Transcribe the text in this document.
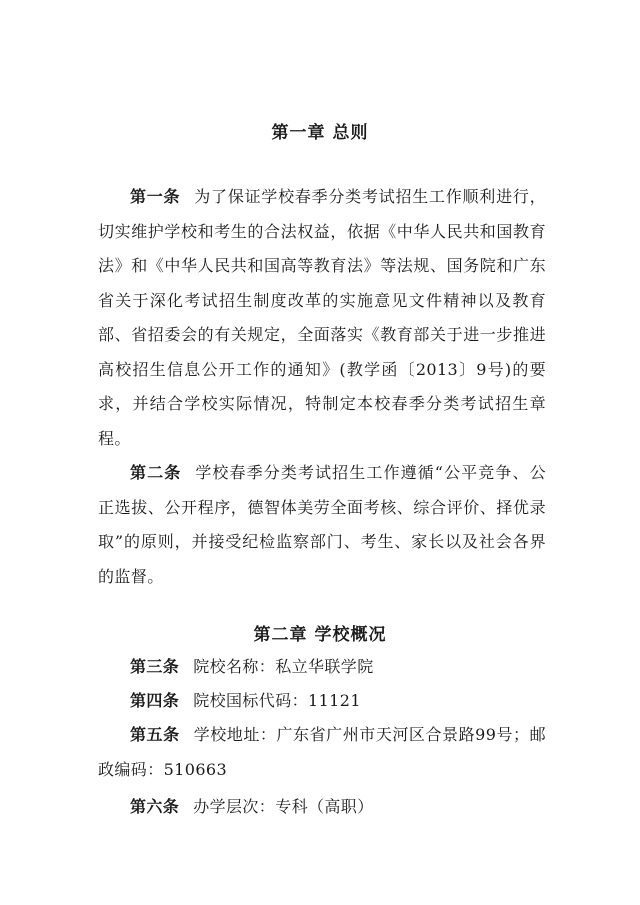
第一章 总则

第一条 为了保证学校春季分类考试招生工作顺利进行，切实维护学校和考生的合法权益，依据《中华人民共和国教育法》和《中华人民共和国高等教育法》等法规、国务院和广东省关于深化考试招生制度改革的实施意见文件精神以及教育部、省招委会的有关规定，全面落实《教育部关于进一步推进高校招生信息公开工作的通知》(教学函〔2013〕9号)的要求，并结合学校实际情况，特制定本校春季分类考试招生章程。

第二条 学校春季分类考试招生工作遵循“公平竞争、公正选拔、公开程序，德智体美劳全面考核、综合评价、择优录取”的原则，并接受纪检监察部门、考生、家长以及社会各界的监督。

第二章 学校概况

第三条 院校名称：私立华联学院

第四条 院校国标代码：11121

第五条 学校地址：广东省广州市天河区合景路99号；邮政编码：510663

第六条 办学层次：专科（高职）
